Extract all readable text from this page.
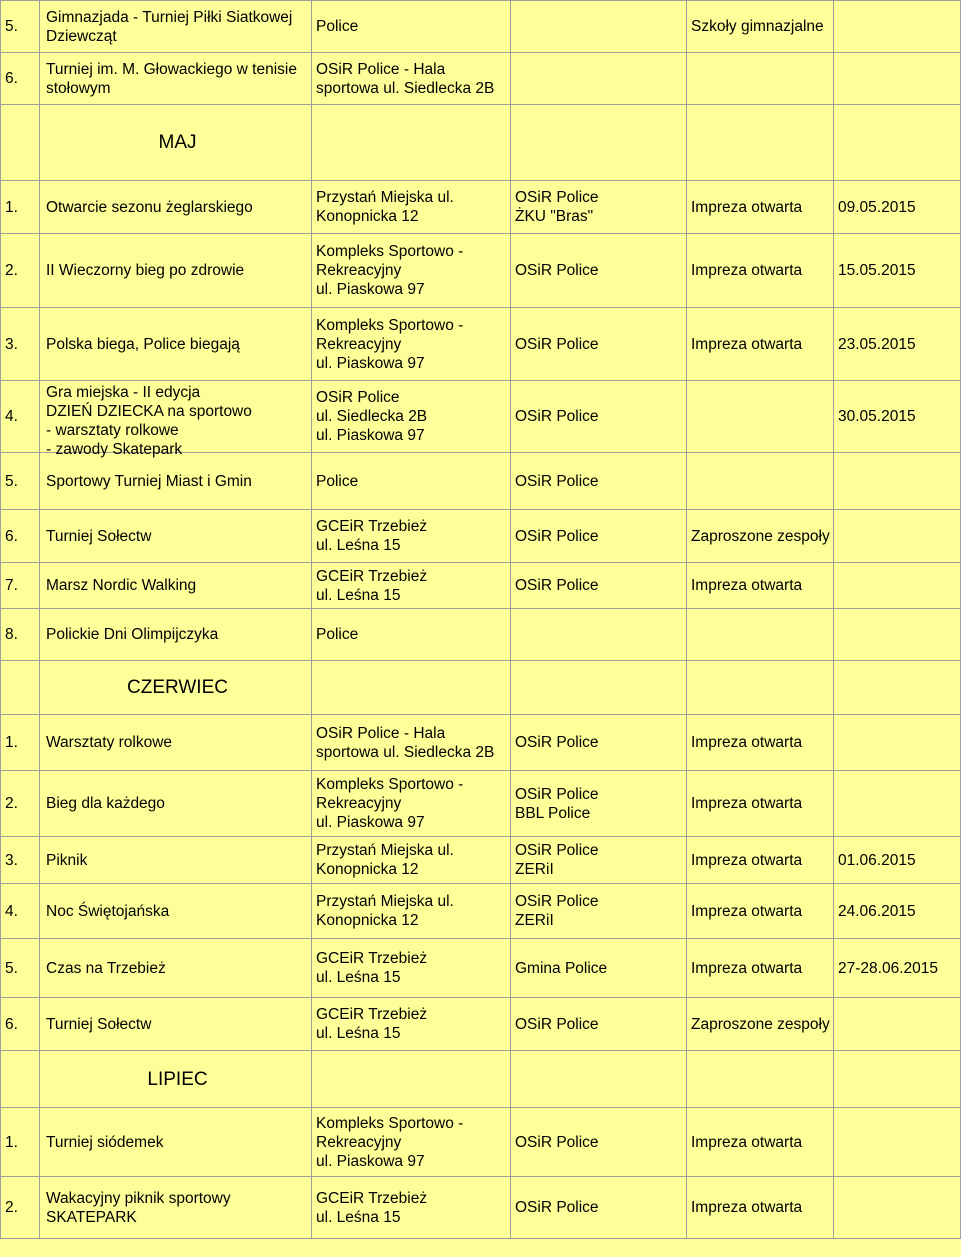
5.	Gimnazjada - Turniej Piłki Siatkowej Dziewcząt	Police		Szkoły gimnazjalne	
6.	Turniej im. M. Głowackiego w tenisie stołowym	OSiR Police - Hala
sportowa ul. Siedlecka 2B			
	MAJ				
1.	Otwarcie sezonu żeglarskiego	Przystań Miejska ul.
Konopnicka 12	OSiR Police
ŻKU "Bras"	Impreza otwarta	09.05.2015
2.	II Wieczorny bieg po zdrowie	Kompleks Sportowo -
Rekreacyjny
ul. Piaskowa 97	OSiR Police	Impreza otwarta	15.05.2015
3.	Polska biega, Police biegają	Kompleks Sportowo -
Rekreacyjny
ul. Piaskowa 97	OSiR Police	Impreza otwarta	23.05.2015
4.	Gra miejska - II edycja
DZIEŃ DZIECKA na sportowo
- warsztaty rolkowe
- zawody Skatepark	OSiR Police
ul. Siedlecka 2B
ul. Piaskowa 97	OSiR Police		30.05.2015
5.	Sportowy Turniej Miast i Gmin	Police	OSiR Police		
6.	Turniej Sołectw	GCEiR Trzebież
ul. Leśna 15	OSiR Police	Zaproszone zespoły	
7.	Marsz Nordic Walking	GCEiR Trzebież
ul. Leśna 15	OSiR Police	Impreza otwarta	
8.	Polickie Dni Olimpijczyka	Police			
	CZERWIEC				
1.	Warsztaty rolkowe	OSiR Police - Hala
sportowa ul. Siedlecka 2B	OSiR Police	Impreza otwarta	
2.	Bieg dla każdego	Kompleks Sportowo -
Rekreacyjny
ul. Piaskowa 97	OSiR Police
BBL Police	Impreza otwarta	
3.	Piknik	Przystań Miejska ul.
Konopnicka 12	OSiR Police
ZERiI	Impreza otwarta	01.06.2015
4.	Noc Świętojańska	Przystań Miejska ul.
Konopnicka 12	OSiR Police
ZERiI	Impreza otwarta	24.06.2015
5.	Czas na Trzebież	GCEiR Trzebież
ul. Leśna 15	Gmina Police	Impreza otwarta	27-28.06.2015
6.	Turniej Sołectw	GCEiR Trzebież
ul. Leśna 15	OSiR Police	Zaproszone zespoły	
	LIPIEC				
1.	Turniej siódemek	Kompleks Sportowo -
Rekreacyjny
ul. Piaskowa 97	OSiR Police	Impreza otwarta	
2.	Wakacyjny piknik sportowy
SKATEPARK	GCEiR Trzebież
ul. Leśna 15	OSiR Police	Impreza otwarta	
